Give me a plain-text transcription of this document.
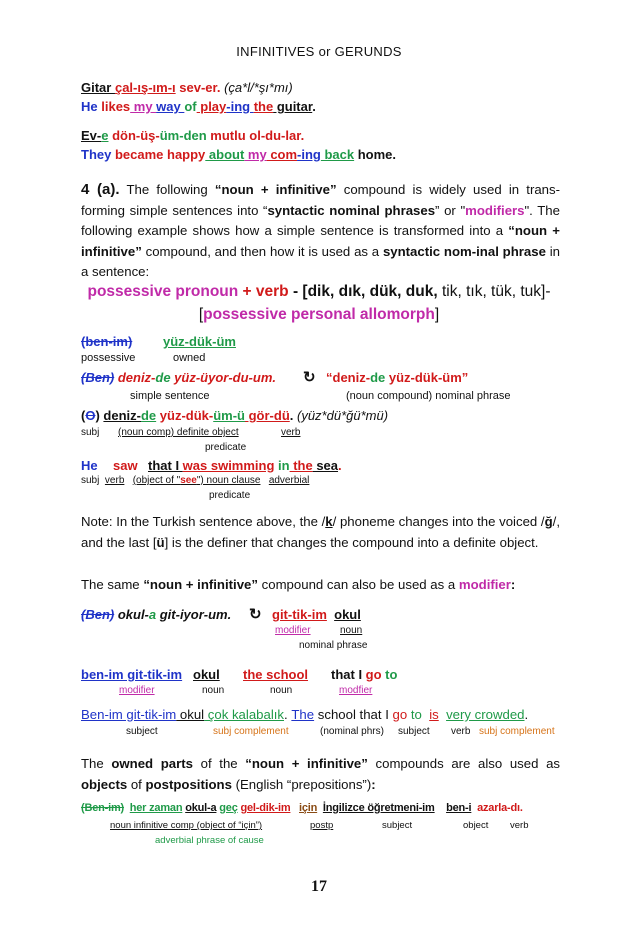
INFINITIVES or GERUNDS
Gitar çal-ış-ım-ı sev-er. (ça*l/*şı*mı)
He likes my way of play-ing the guitar.
Ev-e dön-üş-üm-den mutlu ol-du-lar.
They became happy about my com-ing back home.
4 (a). The following “noun + infinitive” compound is widely used in trans-forming simple sentences into “syntactic nominal phrases” or "modifiers". The following example shows how a simple sentence is transformed into a “noun + infinitive” compound, and then how it is used as a syntactic nom-inal phrase in a sentence:
possessive pronoun + verb - [dik, dık, dük, duk, tik, tık, tük, tuk]-
[possessive personal allomorph]
(ben-im) yüz-dük-üm
possessive	owned
(Ben) deniz-de yüz-üyor-du-um. ↻ “deniz-de yüz-dük-üm”
simple sentence	(noun compound) nominal phrase
(O) deniz-de yüz-dük-üm-ü gör-dü. (yüz*dü*ğü*mü)
subj (noun comp) definite object	verb
predicate
He saw that I was swimming in the sea.
subj verb (object of "see") noun clause adverbial
predicate
Note: In the Turkish sentence above, the /k/ phoneme changes into the voiced /ğ/, and the last [ü] is the definer that changes the compound into a definite object.
The same “noun + infinitive” compound can also be used as a modifier:
(Ben) okul-a git-iyor-um. ↻ git-tik-im okul
modifier	noun
nominal phrase
ben-im git-tik-im okul the school that I go to
modifier	noun	noun	modfier
Ben-im git-tik-im okul çok kalabalık. The school that I go to is very crowded.
subject	subj complement	(nominal phrs) subject verb subj complement
The owned parts of the “noun + infinitive” compounds are also used as objects of postpositions (English “prepositions”):
(Ben-im) her zaman okul-a geç gel-dik-im için İngilizce öğretmeni-im ben-i azarla-dı.
noun infinitive comp (object of “için”)	postp	subject	object verb
adverbial phrase of cause
17
